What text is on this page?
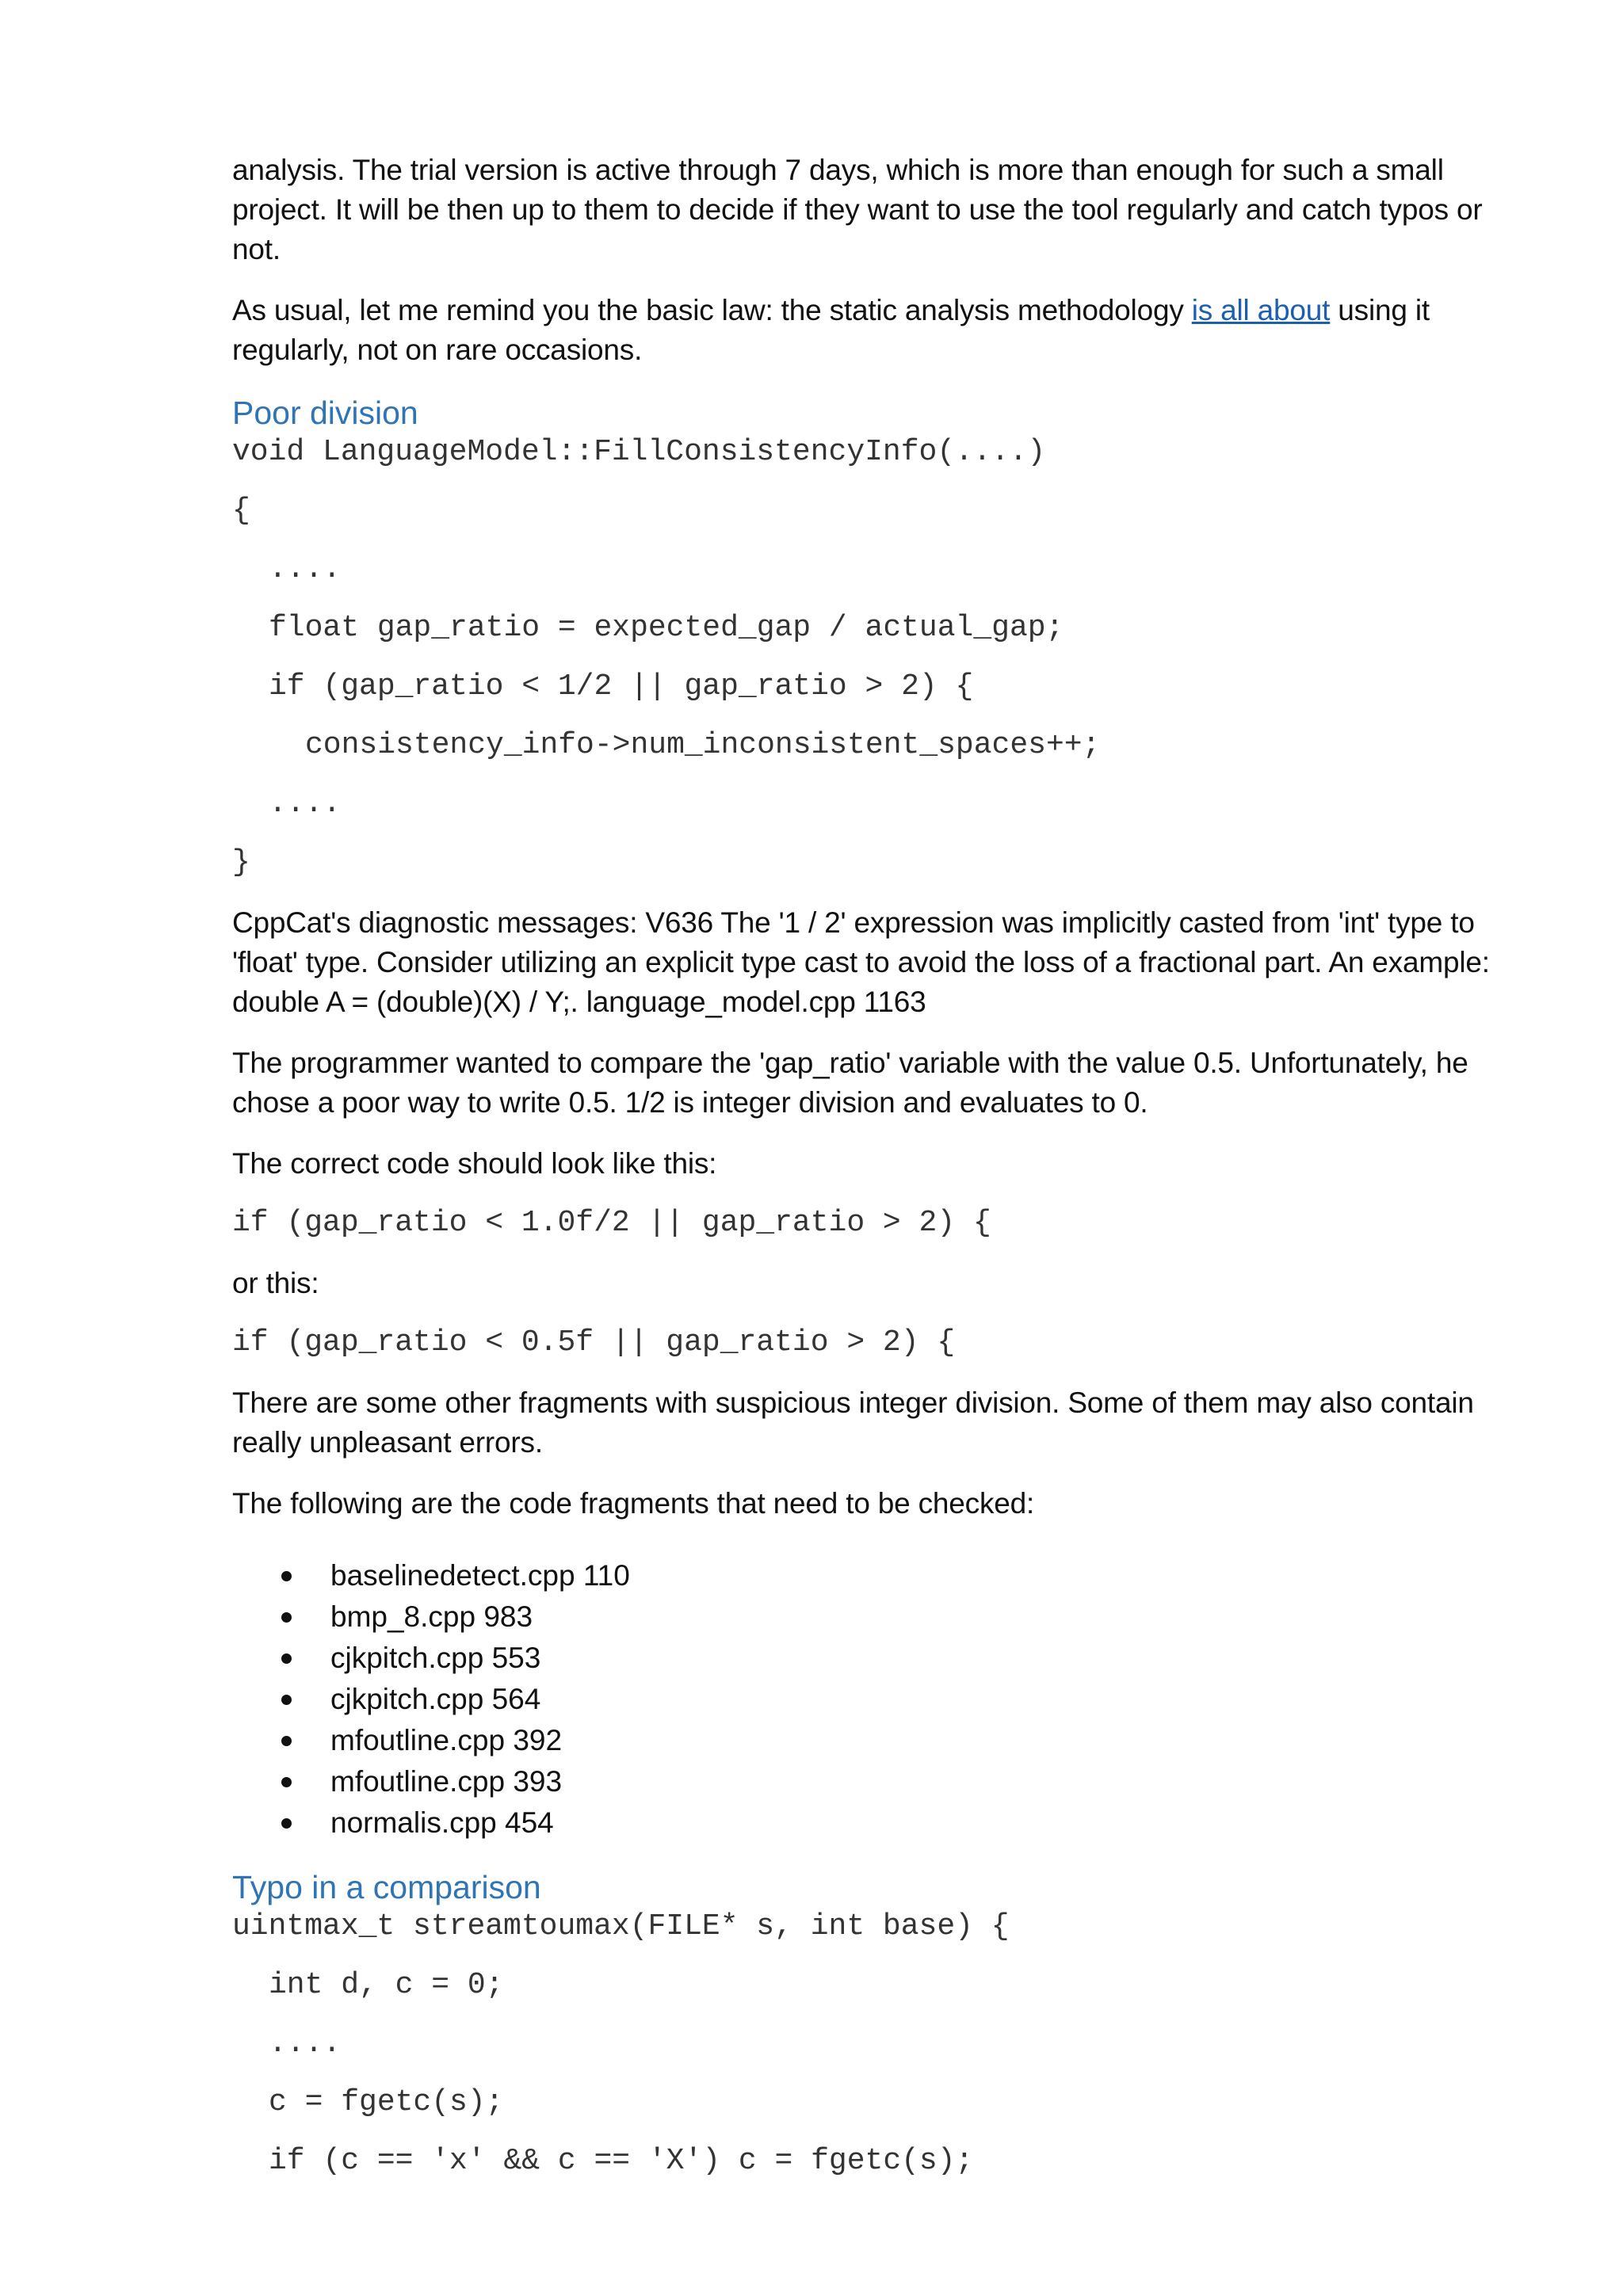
analysis. The trial version is active through 7 days, which is more than enough for such a small project. It will be then up to them to decide if they want to use the tool regularly and catch typos or not.

As usual, let me remind you the basic law: the static analysis methodology is all about using it regularly, not on rare occasions.

Poor division
void LanguageModel::FillConsistencyInfo(....)
{
....
float gap_ratio = expected_gap / actual_gap;
if (gap_ratio < 1/2 || gap_ratio > 2) {
consistency_info->num_inconsistent_spaces++;
....
}

CppCat's diagnostic messages: V636 The '1 / 2' expression was implicitly casted from 'int' type to 'float' type. Consider utilizing an explicit type cast to avoid the loss of a fractional part. An example: double A = (double)(X) / Y;. language_model.cpp 1163

The programmer wanted to compare the 'gap_ratio' variable with the value 0.5. Unfortunately, he chose a poor way to write 0.5. 1/2 is integer division and evaluates to 0.

The correct code should look like this:

if (gap_ratio < 1.0f/2 || gap_ratio > 2) {

or this:

if (gap_ratio < 0.5f || gap_ratio > 2) {

There are some other fragments with suspicious integer division. Some of them may also contain really unpleasant errors.

The following are the code fragments that need to be checked:

baselinedetect.cpp 110
bmp_8.cpp 983
cjkpitch.cpp 553
cjkpitch.cpp 564
mfoutline.cpp 392
mfoutline.cpp 393
normalis.cpp 454
Typo in a comparison
uintmax_t streamtoumax(FILE* s, int base) {
int d, c = 0;
....
c = fgetc(s);
if (c == 'x' && c == 'X') c = fgetc(s);
